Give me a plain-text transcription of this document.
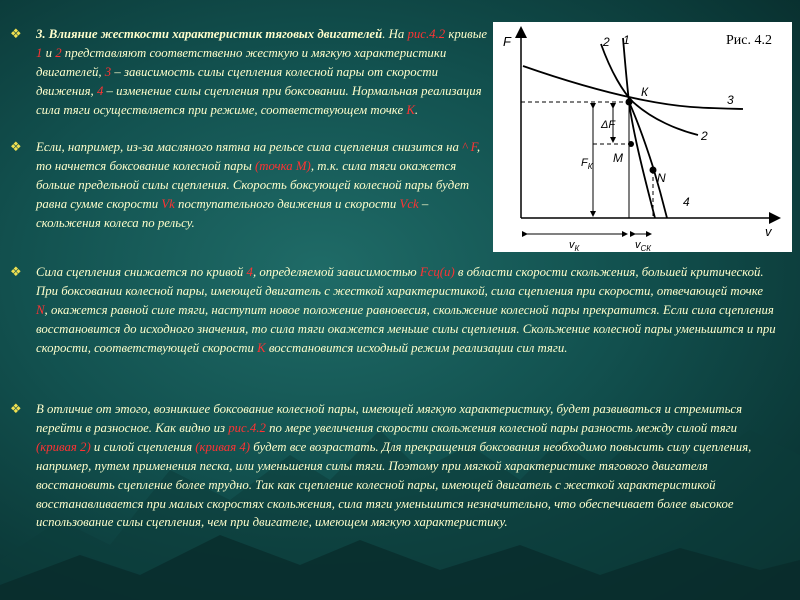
❖ 3. Влияние жесткости характеристик тяговых двигателей. На рис.4.2 кривые 1 и 2 представляют соответственно жесткую и мягкую характеристики двигателей, 3 – зависимость силы сцепления колесной пары от скорости движения, 4 – изменение силы сцепления при боксовании. Нормальная реализация сила тяги осуществляется при режиме, соответствующем точке К.
❖ Если, например, из-за масляного пятна на рельсе сила сцепления снизится на ^ F, то начнется боксование колесной пары (точка М), т.к. сила тяги окажется больше предельной силы сцепления. Скорость боксующей колесной пары будет равна сумме скорости Vk поступательного движения и скорости Vck – скольжения колеса по рельсу.
❖ Сила сцепления снижается по кривой 4, определяемой зависимостью Fcц(u) в области скорости скольжения, большей критической. При боксовании колесной пары, имеющей двигатель с жесткой характеристикой, сила сцепления при скорости, отвечающей точке N, окажется равной силе тяги, наступит новое положение равновесия, скольжение колесной пары прекратится. Если сила сцепления восстановится до исходного значения, то сила тяги окажется меньше силы сцепления. Скольжение колесной пары уменьшится и при скорости, соответствующей скорости К восстановится исходный режим реализации сил тяги.
❖ В отличие от этого, возникшее боксование колесной пары, имеющей мягкую характеристику, будет развиваться и стремиться перейти в разносное. Как видно из рис.4.2 по мере увеличения скорости скольжения колесной пары разность между силой тяги (кривая 2) и силой сцепления (кривая 4) будет все возрастать. Для прекращения боксования необходимо повысить силу сцепления, например, путем применения песка, или уменьшения силы тяги. Поэтому при мягкой характеристике тягового двигателя восстановить сцепление более трудно. Так как сцепление колесной пары, имеющей двигатель с жесткой характеристикой восстанавливается при малых скоростях скольжения, сила тяги уменьшится незначительно, что обеспечивает более высокое использование силы сцепления, чем при двигателе, имеющем мягкую характеристику.
Рис. 4.2
F
v
2 1
3
2
4
К
М
N
ΔF
$F_К$
$v_К$	$v_{СК}$
